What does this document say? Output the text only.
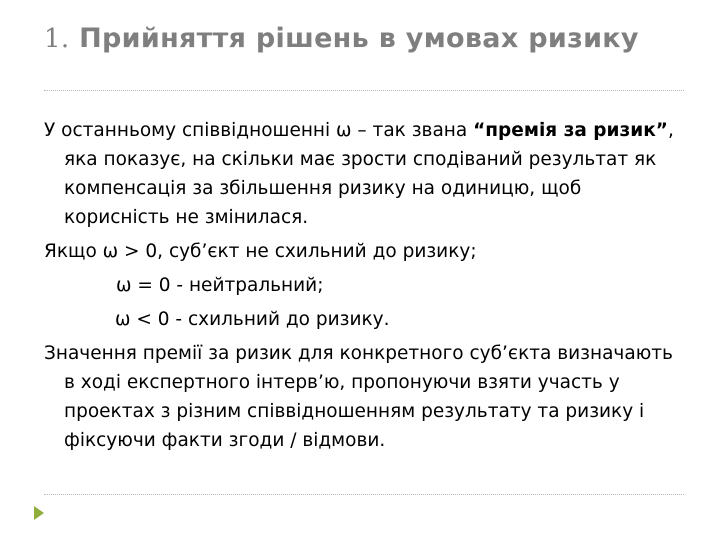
1. Прийняття рішень в умовах ризику

У останньому співвідношенні ω – так звана “премія за ризик”, яка показує, на скільки має зрости сподіваний результат як компенсація за збільшення ризику на одиницю, щоб корисність не змінилася.

Якщо ω > 0, суб’єкт не схильний до ризику;
ω = 0 - нейтральний;
ω < 0 - схильний до ризику.

Значення премії за ризик для конкретного суб’єкта визначають в ході експертного інтерв’ю, пропонуючи взяти участь у проектах з різним співвідношенням результату та ризику і фіксуючи факти згоди / відмови.
